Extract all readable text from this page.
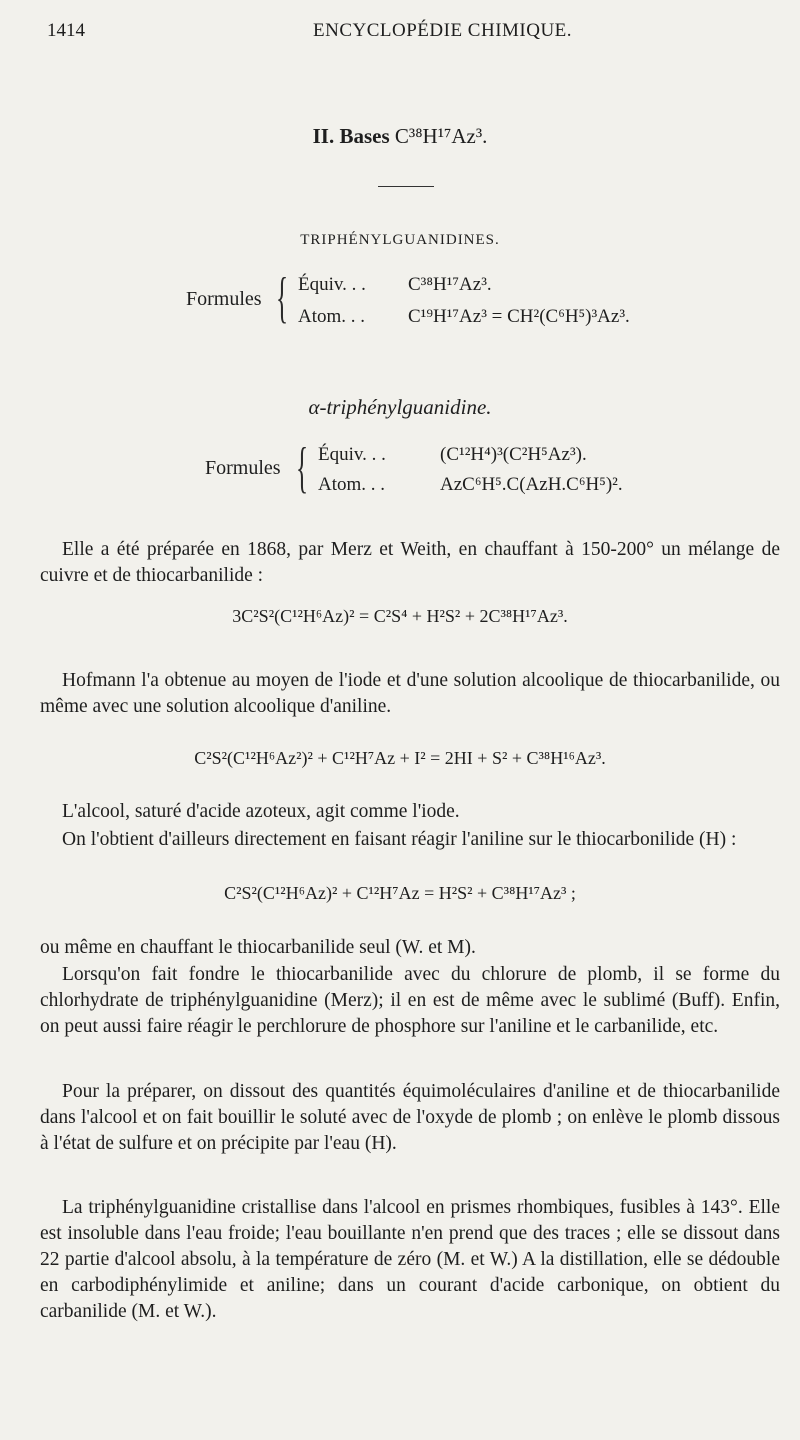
1414	ENCYCLOPÉDIE CHIMIQUE.
II. Bases C³⁸H¹⁷Az³.
TRIPHÉNYLGUANIDINES.
Formules { Équiv. . . C³⁸H¹⁷Az³.
Atom. . . C¹⁹H¹⁷Az³ = CH²(C⁶H⁵)³Az³.
α-triphénylguanidine.
Formules { Équiv. . .	(C¹²H⁴)³(C²H⁵Az³).
Atom. . .	AzC⁶H⁵.C(AzH.C⁶H⁵)².
Elle a été préparée en 1868, par Merz et Weith, en chauffant à 150-200° un mélange de cuivre et de thiocarbanilide :
3C²S²(C¹²H⁶Az)² = C²S⁴ + H²S² + 2C³⁸H¹⁷Az³.
Hofmann l'a obtenue au moyen de l'iode et d'une solution alcoolique de thiocarbanilide, ou même avec une solution alcoolique d'aniline.
C²S²(C¹²H⁶Az²)² + C¹²H⁷Az + I² = 2HI + S² + C³⁸H¹⁶Az³.
L'alcool, saturé d'acide azoteux, agit comme l'iode.
On l'obtient d'ailleurs directement en faisant réagir l'aniline sur le thiocarbonilide (H) :
C²S²(C¹²H⁶Az)² + C¹²H⁷Az = H²S² + C³⁸H¹⁷Az³ ;
ou même en chauffant le thiocarbanilide seul (W. et M).
Lorsqu'on fait fondre le thiocarbanilide avec du chlorure de plomb, il se forme du chlorhydrate de triphénylguanidine (Merz); il en est de même avec le sublimé (Buff). Enfin, on peut aussi faire réagir le perchlorure de phosphore sur l'aniline et le carbanilide, etc.
Pour la préparer, on dissout des quantités équimoléculaires d'aniline et de thiocarbanilide dans l'alcool et on fait bouillir le soluté avec de l'oxyde de plomb ; on enlève le plomb dissous à l'état de sulfure et on précipite par l'eau (H).
La triphénylguanidine cristallise dans l'alcool en prismes rhombiques, fusibles à 143°. Elle est insoluble dans l'eau froide; l'eau bouillante n'en prend que des traces ; elle se dissout dans 22 partie d'alcool absolu, à la température de zéro (M. et W.) A la distillation, elle se dédouble en carbodiphénylimide et aniline; dans un courant d'acide carbonique, on obtient du carbanilide (M. et W.).
